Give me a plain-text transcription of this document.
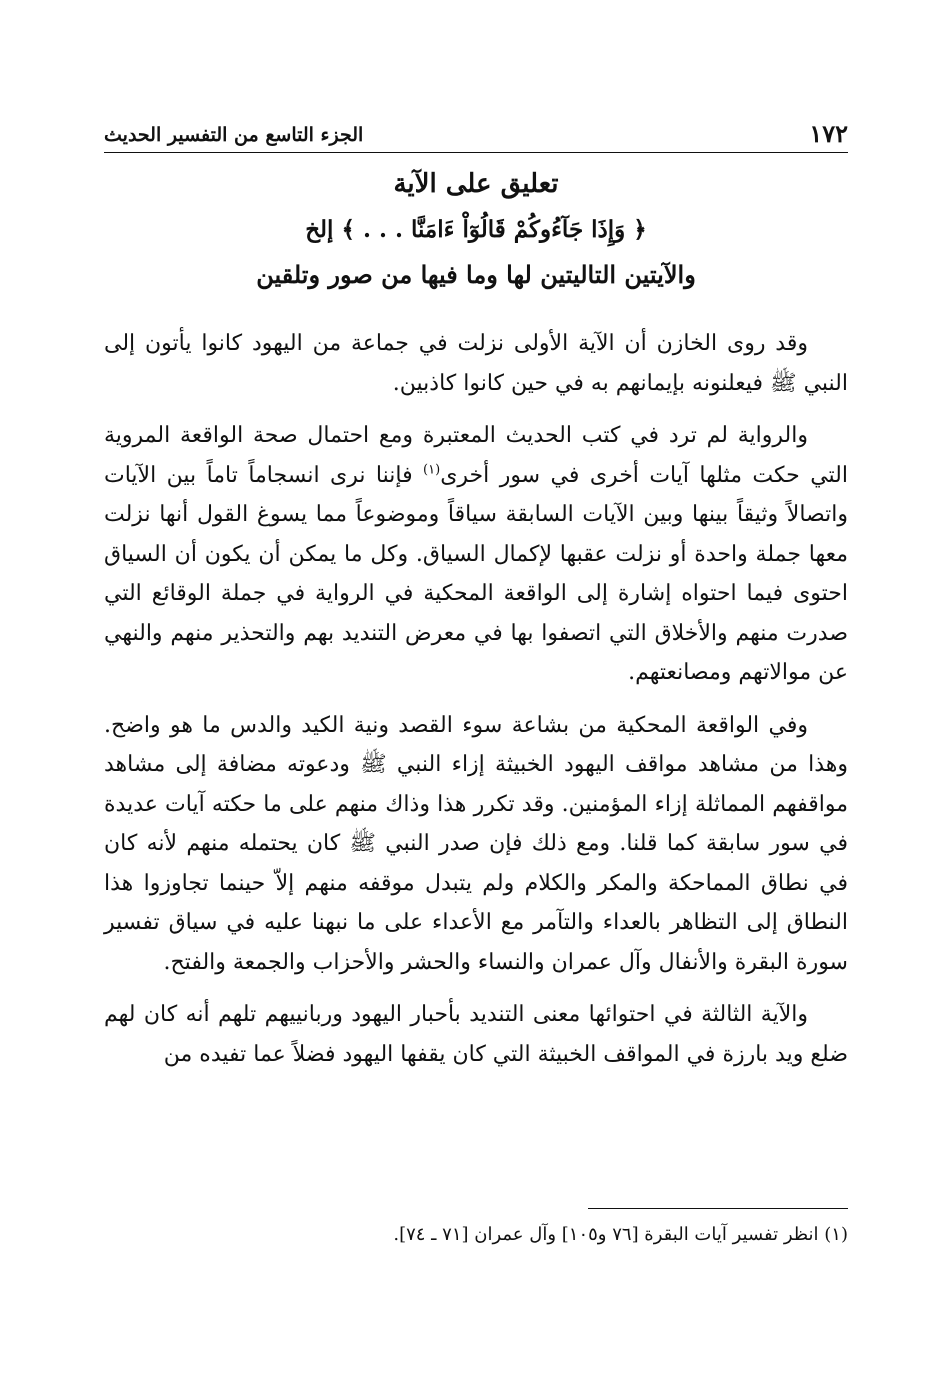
١٧٢
الجزء التاسع من التفسير الحديث
تعليق على الآية
﴿ وَإِذَا جَآءُوكُمْ قَالُوٓاْ ءَامَنَّا . . . ﴾ إلخ
والآيتين التاليتين لها وما فيها من صور وتلقين

وقد روى الخازن أن الآية الأولى نزلت في جماعة من اليهود كانوا يأتون إلى النبي ﷺ فيعلنونه بإيمانهم به في حين كانوا كاذبين.

والرواية لم ترد في كتب الحديث المعتبرة ومع احتمال صحة الواقعة المروية التي حكت مثلها آيات أخرى في سور أخرى$^{(١)}$ فإننا نرى انسجاماً تاماً بين الآيات واتصالاً وثيقاً بينها وبين الآيات السابقة سياقاً وموضوعاً مما يسوغ القول أنها نزلت معها جملة واحدة أو نزلت عقبها لإكمال السياق. وكل ما يمكن أن يكون أن السياق احتوى فيما احتواه إشارة إلى الواقعة المحكية في الرواية في جملة الوقائع التي صدرت منهم والأخلاق التي اتصفوا بها في معرض التنديد بهم والتحذير منهم والنهي عن موالاتهم ومصانعتهم.

وفي الواقعة المحكية من بشاعة سوء القصد ونية الكيد والدس ما هو واضح. وهذا من مشاهد مواقف اليهود الخبيثة إزاء النبي ﷺ ودعوته مضافة إلى مشاهد مواقفهم المماثلة إزاء المؤمنين. وقد تكرر هذا وذاك منهم على ما حكته آيات عديدة في سور سابقة كما قلنا. ومع ذلك فإن صدر النبي ﷺ كان يحتمله منهم لأنه كان في نطاق المماحكة والمكر والكلام ولم يتبدل موقفه منهم إلاّ حينما تجاوزوا هذا النطاق إلى التظاهر بالعداء والتآمر مع الأعداء على ما نبهنا عليه في سياق تفسير سورة البقرة والأنفال وآل عمران والنساء والحشر والأحزاب والجمعة والفتح.

والآية الثالثة في احتوائها معنى التنديد بأحبار اليهود وربانييهم تلهم أنه كان لهم ضلع ويد بارزة في المواقف الخبيثة التي كان يقفها اليهود فضلاً عما تفيده من

(١) انظر تفسير آيات البقرة [٧٦ و١٠٥] وآل عمران [٧١ ـ ٧٤].
